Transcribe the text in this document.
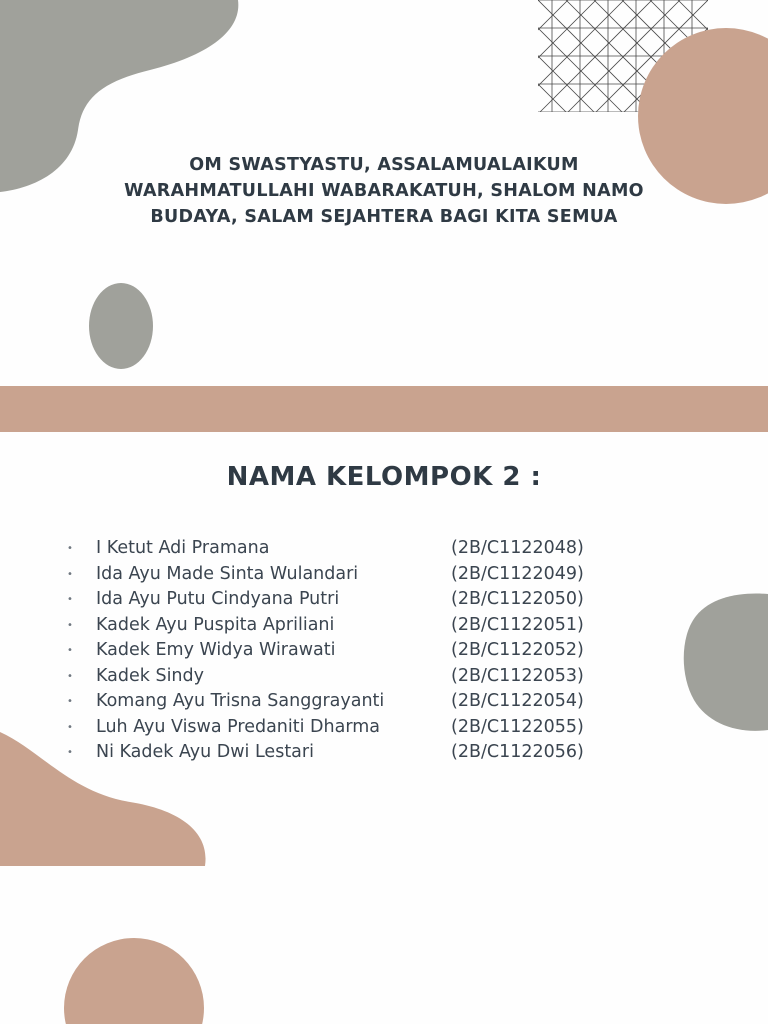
OM SWASTYASTU, ASSALAMUALAIKUM
WARAHMATULLAHI WABARAKATUH, SHALOM NAMO
BUDAYA, SALAM SEJAHTERA BAGI KITA SEMUA
NAMA KELOMPOK 2 :
• I Ketut Adi Pramana	(2B/C1122048)
• Ida Ayu Made Sinta Wulandari	(2B/C1122049)
• Ida Ayu Putu Cindyana Putri	(2B/C1122050)
• Kadek Ayu Puspita Apriliani	(2B/C1122051)
• Kadek Emy Widya Wirawati	(2B/C1122052)
• Kadek Sindy	(2B/C1122053)
• Komang Ayu Trisna Sanggrayanti	(2B/C1122054)
• Luh Ayu Viswa Predaniti Dharma	(2B/C1122055)
• Ni Kadek Ayu Dwi Lestari	(2B/C1122056)
